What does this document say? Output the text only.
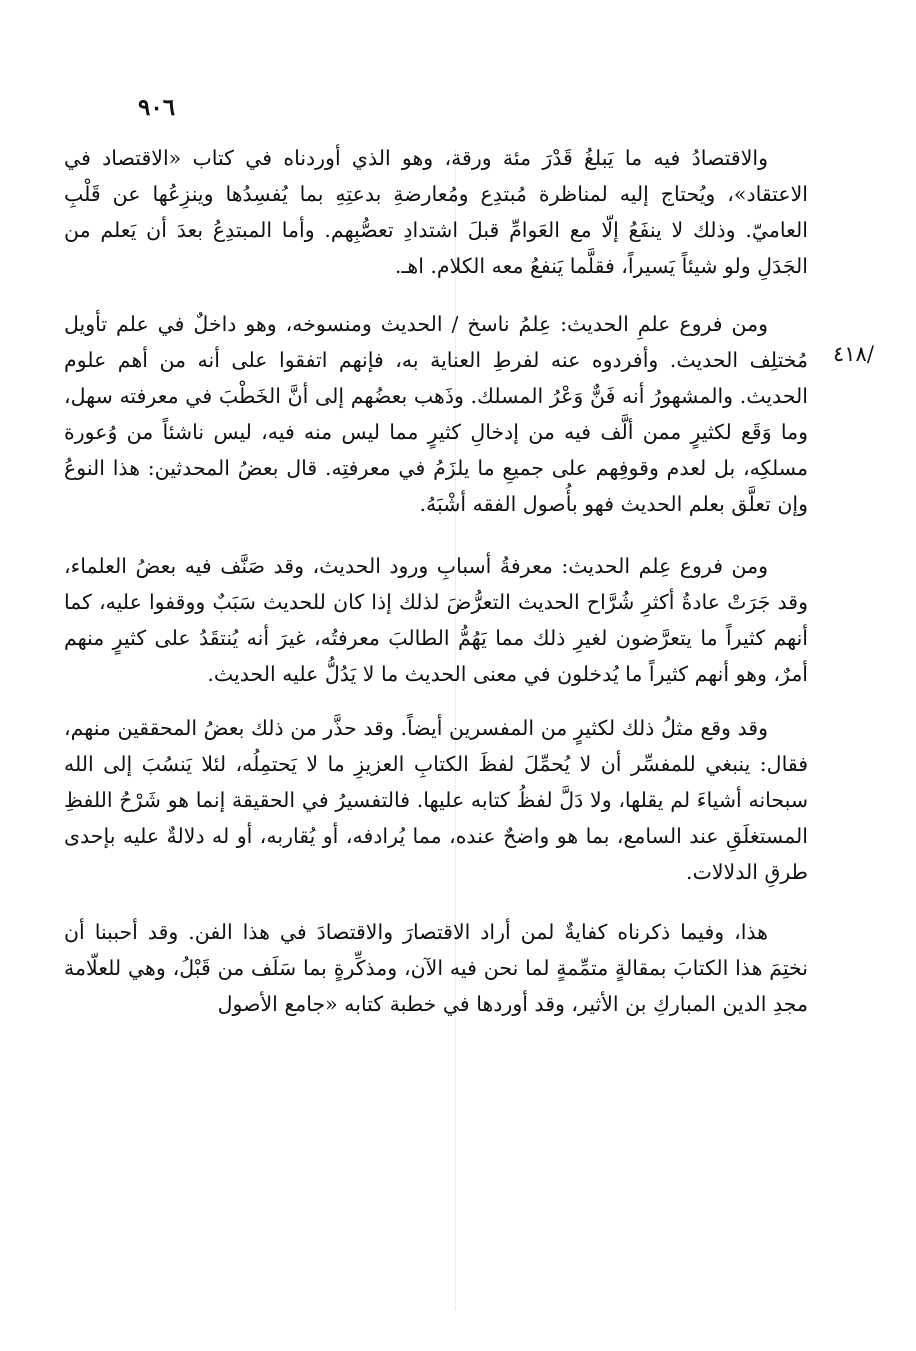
٩٠٦
/٤١٨

والاقتصادُ فيه ما يَبلغُ قَدْرَ مئة ورقة، وهو الذي أوردناه في كتاب «الاقتصاد في الاعتقاد»، ويُحتاج إليه لمناظرة مُبتدِع ومُعارضةِ بدعتِهِ بما يُفسِدُها وينزِعُها عن قَلْبِ العاميّ. وذلك لا ينفَعُ إلّا مع العَوامِّ قبلَ اشتدادِ تعصُّبِهم. وأما المبتدِعُ بعدَ أن يَعلم من الجَدَلِ ولو شيئاً يَسيراً، فقلَّما يَنفعُ معه الكلام. اهـ.

ومن فروع علمِ الحديث: عِلمُ ناسخ / الحديث ومنسوخه، وهو داخلٌ في علم تأويل مُختلِف الحديث. وأفردوه عنه لفرطِ العناية به، فإنهم اتفقوا على أنه من أهم علوم الحديث. والمشهورُ أنه فَنٌّ وَعْرُ المسلك. وذَهب بعضُهم إلى أنَّ الخَطْبَ في معرفته سهل، وما وَقَع لكثيرٍ ممن ألَّف فيه من إدخالِ كثيرٍ مما ليس منه فيه، ليس ناشئاً من وُعورة مسلكِه، بل لعدم وقوفِهم على جميعِ ما يلزَمُ في معرفتِه. قال بعضُ المحدثين: هذا النوعُ وإن تعلَّق بعلم الحديث فهو بأُصول الفقه أشْبَهُ.

ومن فروع عِلم الحديث: معرفةُ أسبابِ ورود الحديث، وقد صَنَّف فيه بعضُ العلماء، وقد جَرَتْ عادةُ أكثرِ شُرَّاح الحديث التعرُّضَ لذلك إذا كان للحديث سَبَبٌ ووقفوا عليه، كما أنهم كثيراً ما يتعرَّضون لغيرِ ذلك مما يَهُمُّ الطالبَ معرفتُه، غيرَ أنه يُنتقَدُ على كثيرٍ منهم أمرٌ، وهو أنهم كثيراً ما يُدخلون في معنى الحديث ما لا يَدُلُّ عليه الحديث.

وقد وقع مثلُ ذلك لكثيرٍ من المفسرين أيضاً. وقد حذَّر من ذلك بعضُ المحققين منهم، فقال: ينبغي للمفسِّر أن لا يُحمِّلَ لفظَ الكتابِ العزيزِ ما لا يَحتمِلُه، لئلا يَنسُبَ إلى الله سبحانه أشياءَ لم يقلها، ولا دَلَّ لفظُ كتابه عليها. فالتفسيرُ في الحقيقة إنما هو شَرْحُ اللفظِ المستغلَقِ عند السامع، بما هو واضحٌ عنده، مما يُرادفه، أو يُقاربه، أو له دلالةٌ عليه بإحدى طرقِ الدلالات.

هذا، وفيما ذكرناه كفايةٌ لمن أراد الاقتصارَ والاقتصادَ في هذا الفن. وقد أحببنا أن نختِمَ هذا الكتابَ بمقالةٍ متمِّمةٍ لما نحن فيه الآن، ومذكِّرةٍ بما سَلَف من قَبْلُ، وهي للعلّامة مجدِ الدين المباركِ بن الأثير، وقد أوردها في خطبة كتابه «جامع الأصول
